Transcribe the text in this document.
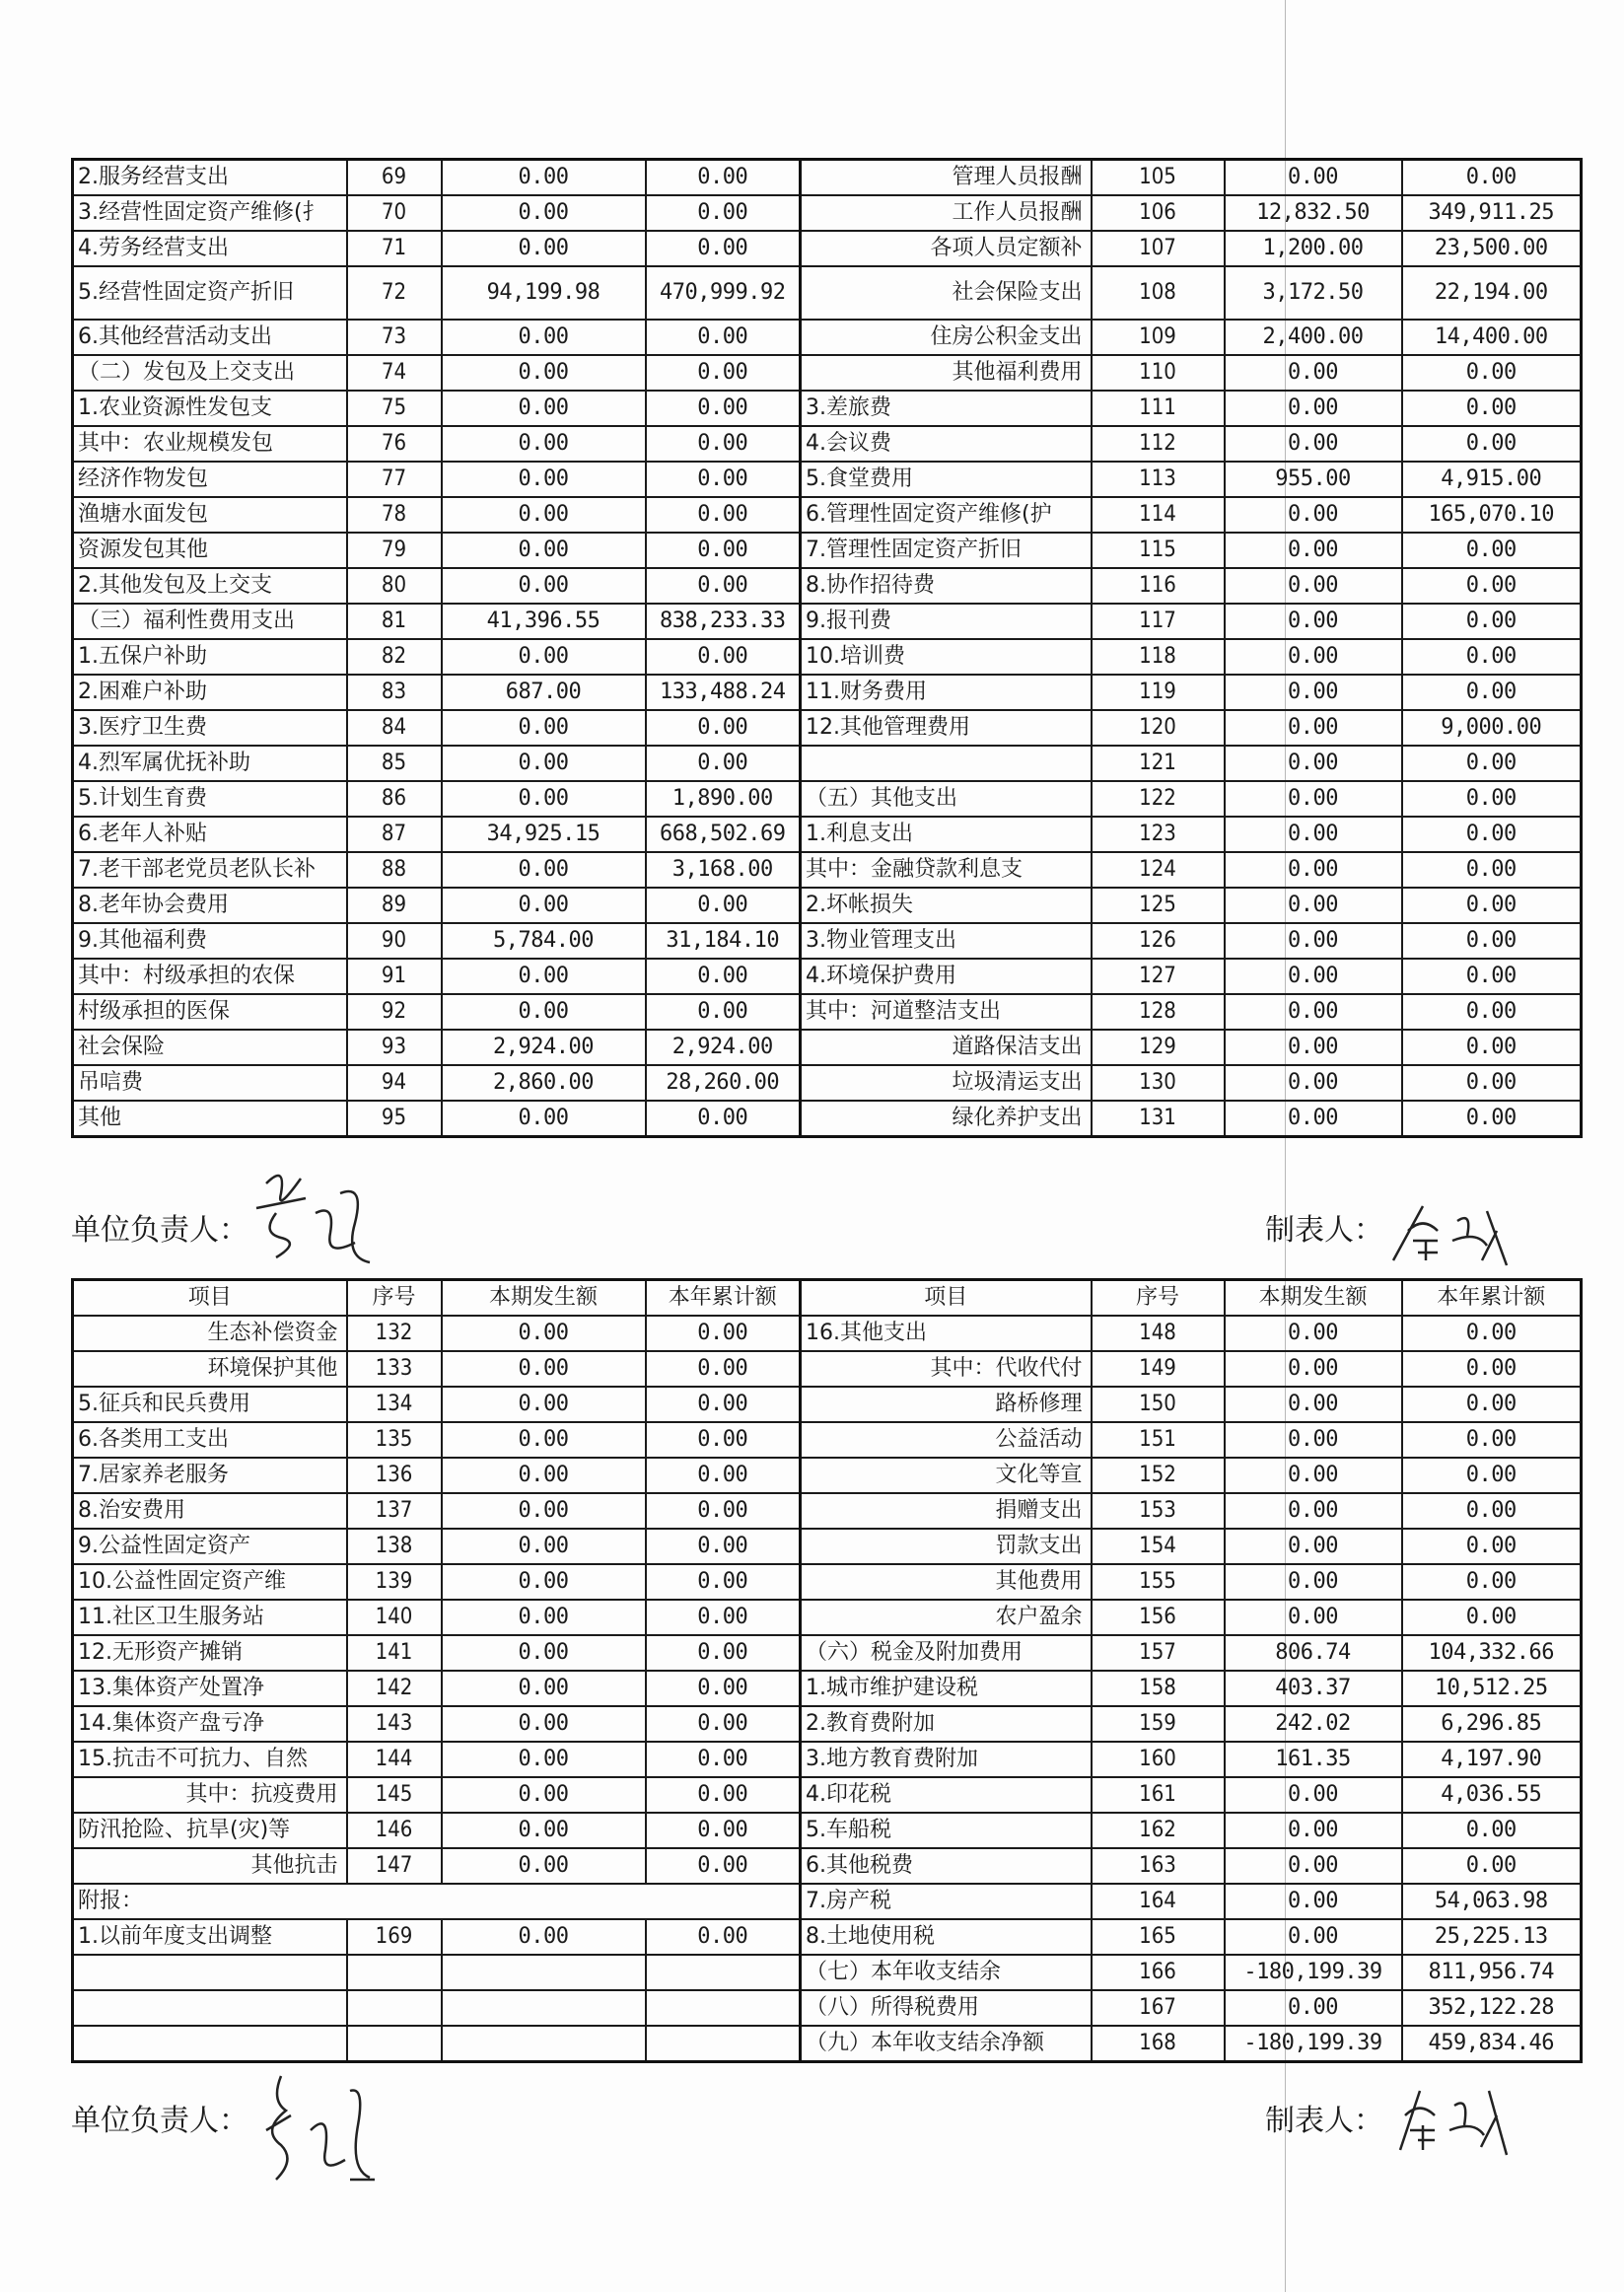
2.服务经营支出	69	0.00	0.00	管理人员报酬	105	0.00	0.00
3.经营性固定资产维修(扌	70	0.00	0.00	工作人员报酬	106	12,832.50	349,911.25
4.劳务经营支出	71	0.00	0.00	各项人员定额补	107	1,200.00	23,500.00
5.经营性固定资产折旧	72	94,199.98	470,999.92	社会保险支出	108	3,172.50	22,194.00
6.其他经营活动支出	73	0.00	0.00	住房公积金支出	109	2,400.00	14,400.00
（二）发包及上交支出	74	0.00	0.00	其他福利费用	110	0.00	0.00
1.农业资源性发包支	75	0.00	0.00	3.差旅费	111	0.00	0.00
其中：农业规模发包	76	0.00	0.00	4.会议费	112	0.00	0.00
经济作物发包	77	0.00	0.00	5.食堂费用	113	955.00	4,915.00
渔塘水面发包	78	0.00	0.00	6.管理性固定资产维修(护	114	0.00	165,070.10
资源发包其他	79	0.00	0.00	7.管理性固定资产折旧	115	0.00	0.00
2.其他发包及上交支	80	0.00	0.00	8.协作招待费	116	0.00	0.00
（三）福利性费用支出	81	41,396.55	838,233.33	9.报刊费	117	0.00	0.00
1.五保户补助	82	0.00	0.00	10.培训费	118	0.00	0.00
2.困难户补助	83	687.00	133,488.24	11.财务费用	119	0.00	0.00
3.医疗卫生费	84	0.00	0.00	12.其他管理费用	120	0.00	9,000.00
4.烈军属优抚补助	85	0.00	0.00		121	0.00	0.00
5.计划生育费	86	0.00	1,890.00	（五）其他支出	122	0.00	0.00
6.老年人补贴	87	34,925.15	668,502.69	1.利息支出	123	0.00	0.00
7.老干部老党员老队长补	88	0.00	3,168.00	其中：金融贷款利息支	124	0.00	0.00
8.老年协会费用	89	0.00	0.00	2.坏帐损失	125	0.00	0.00
9.其他福利费	90	5,784.00	31,184.10	3.物业管理支出	126	0.00	0.00
其中：村级承担的农保	91	0.00	0.00	4.环境保护费用	127	0.00	0.00
村级承担的医保	92	0.00	0.00	其中：河道整洁支出	128	0.00	0.00
社会保险	93	2,924.00	2,924.00	道路保洁支出	129	0.00	0.00
吊唁费	94	2,860.00	28,260.00	垃圾清运支出	130	0.00	0.00
其他	95	0.00	0.00	绿化养护支出	131	0.00	0.00
单位负责人：	制表人：
项目	序号	本期发生额	本年累计额	项目	序号	本期发生额	本年累计额
生态补偿资金	132	0.00	0.00	16.其他支出	148	0.00	0.00
环境保护其他	133	0.00	0.00	其中：代收代付	149	0.00	0.00
5.征兵和民兵费用	134	0.00	0.00	路桥修理	150	0.00	0.00
6.各类用工支出	135	0.00	0.00	公益活动	151	0.00	0.00
7.居家养老服务	136	0.00	0.00	文化等宣	152	0.00	0.00
8.治安费用	137	0.00	0.00	捐赠支出	153	0.00	0.00
9.公益性固定资产	138	0.00	0.00	罚款支出	154	0.00	0.00
10.公益性固定资产维	139	0.00	0.00	其他费用	155	0.00	0.00
11.社区卫生服务站	140	0.00	0.00	农户盈余	156	0.00	0.00
12.无形资产摊销	141	0.00	0.00	（六）税金及附加费用	157	806.74	104,332.66
13.集体资产处置净	142	0.00	0.00	1.城市维护建设税	158	403.37	10,512.25
14.集体资产盘亏净	143	0.00	0.00	2.教育费附加	159	242.02	6,296.85
15.抗击不可抗力、自然	144	0.00	0.00	3.地方教育费附加	160	161.35	4,197.90
其中：抗疫费用	145	0.00	0.00	4.印花税	161	0.00	4,036.55
防汛抢险、抗旱(灾)等	146	0.00	0.00	5.车船税	162	0.00	0.00
其他抗击	147	0.00	0.00	6.其他税费	163	0.00	0.00
附报：				7.房产税	164	0.00	54,063.98
1.以前年度支出调整	169	0.00	0.00	8.土地使用税	165	0.00	25,225.13
				（七）本年收支结余	166	-180,199.39	811,956.74
				（八）所得税费用	167	0.00	352,122.28
				（九）本年收支结余净额	168	-180,199.39	459,834.46
单位负责人：	制表人：
